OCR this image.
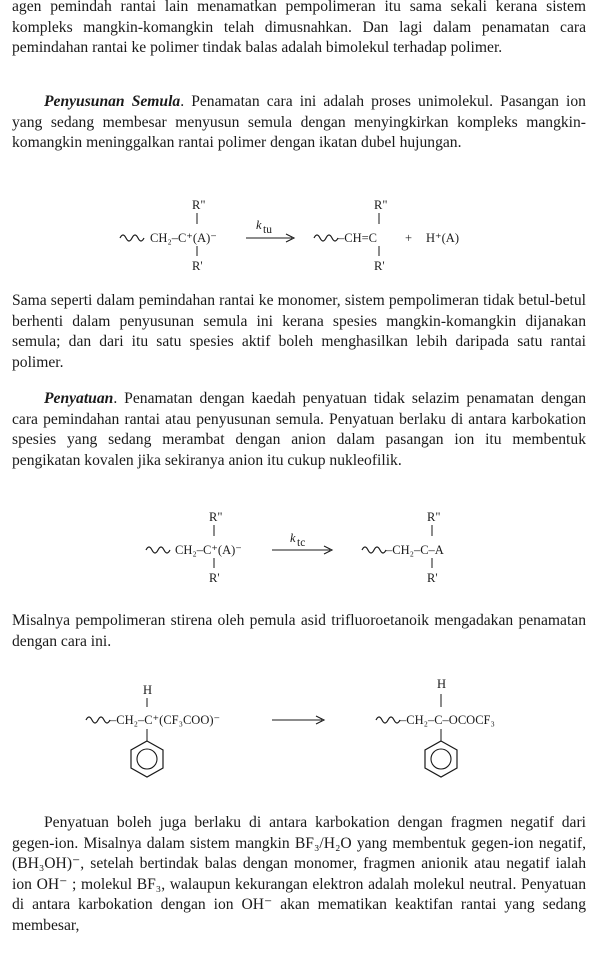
agen pemindah rantai lain menamatkan pempolimeran itu sama sekali kerana sistem kompleks mangkin-komangkin telah dimusnahkan. Dan lagi dalam penamatan cara pemindahan rantai ke polimer tindak balas adalah bimolekul terhadap polimer.

Penyusunan Semula. Penamatan cara ini adalah proses unimolekul. Pasangan ion yang sedang membesar menyusun semula dengan menyingkirkan kompleks mangkin-komangkin meninggalkan rantai polimer dengan ikatan dubel hujungan.

R"
CH₂–C⁺(A)⁻
R'
k tu
–CH=C
R"
R'
+ H⁺(A)

Sama seperti dalam pemindahan rantai ke monomer, sistem pempolimeran tidak betul-betul berhenti dalam penyusunan semula ini kerana spesies mangkin-komangkin dijanakan semula; dan dari itu satu spesies aktif boleh menghasilkan lebih daripada satu rantai polimer.

Penyatuan. Penamatan dengan kaedah penyatuan tidak selazim penamatan dengan cara pemindahan rantai atau penyusunan semula. Penyatuan berlaku di antara karbokation spesies yang sedang merambat dengan anion dalam pasangan ion itu membentuk pengikatan kovalen jika sekiranya anion itu cukup nukleofilik.

R"
CH₂–C⁺(A)⁻
R'
k tc	–CH₂–C–A
R"
R'

Misalnya pempolimeran stirena oleh pemula asid trifluoroetanoik mengadakan penamatan dengan cara ini.

H
–CH₂–C⁺(CF₃COO)⁻
H
–CH₂–C–OCOCF₃

Penyatuan boleh juga berlaku di antara karbokation dengan fragmen negatif dari gegen-ion. Misalnya dalam sistem mangkin BF₃/H₂O yang membentuk gegen-ion negatif, (BH₃OH)⁻, setelah bertindak balas dengan monomer, fragmen anionik atau negatif ialah ion OH⁻ ; molekul BF₃, walaupun kekurangan elektron adalah molekul neutral. Penyatuan di antara karbokation dengan ion OH⁻ akan mematikan keaktifan rantai yang sedang membesar,
